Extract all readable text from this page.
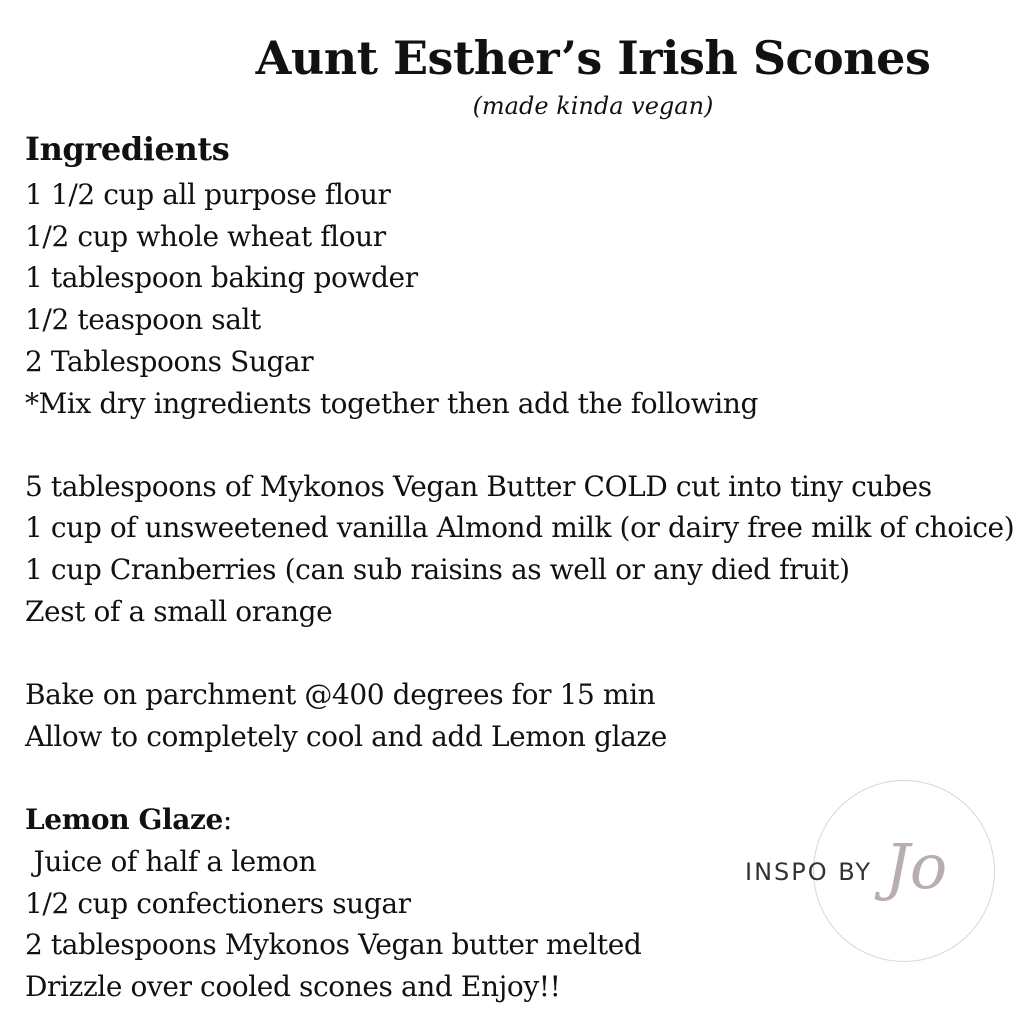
Aunt Esther’s Irish Scones
(made kinda vegan)
Ingredients
1 1/2 cup all purpose flour
1/2 cup whole wheat flour
1 tablespoon baking powder
1/2 teaspoon salt
2 Tablespoons Sugar
*Mix dry ingredients together then add the following
5 tablespoons of Mykonos Vegan Butter COLD cut into tiny cubes
1 cup of unsweetened vanilla Almond milk (or dairy free milk of choice)
1 cup Cranberries (can sub raisins as well or any died fruit)
Zest of a small orange
Bake on parchment @400 degrees for 15 min
Allow to completely cool and add Lemon glaze
Lemon Glaze:
Juice of half a lemon
1/2 cup confectioners sugar
2 tablespoons Mykonos Vegan butter melted
Drizzle over cooled scones and Enjoy!!
INSPO BY Jo
